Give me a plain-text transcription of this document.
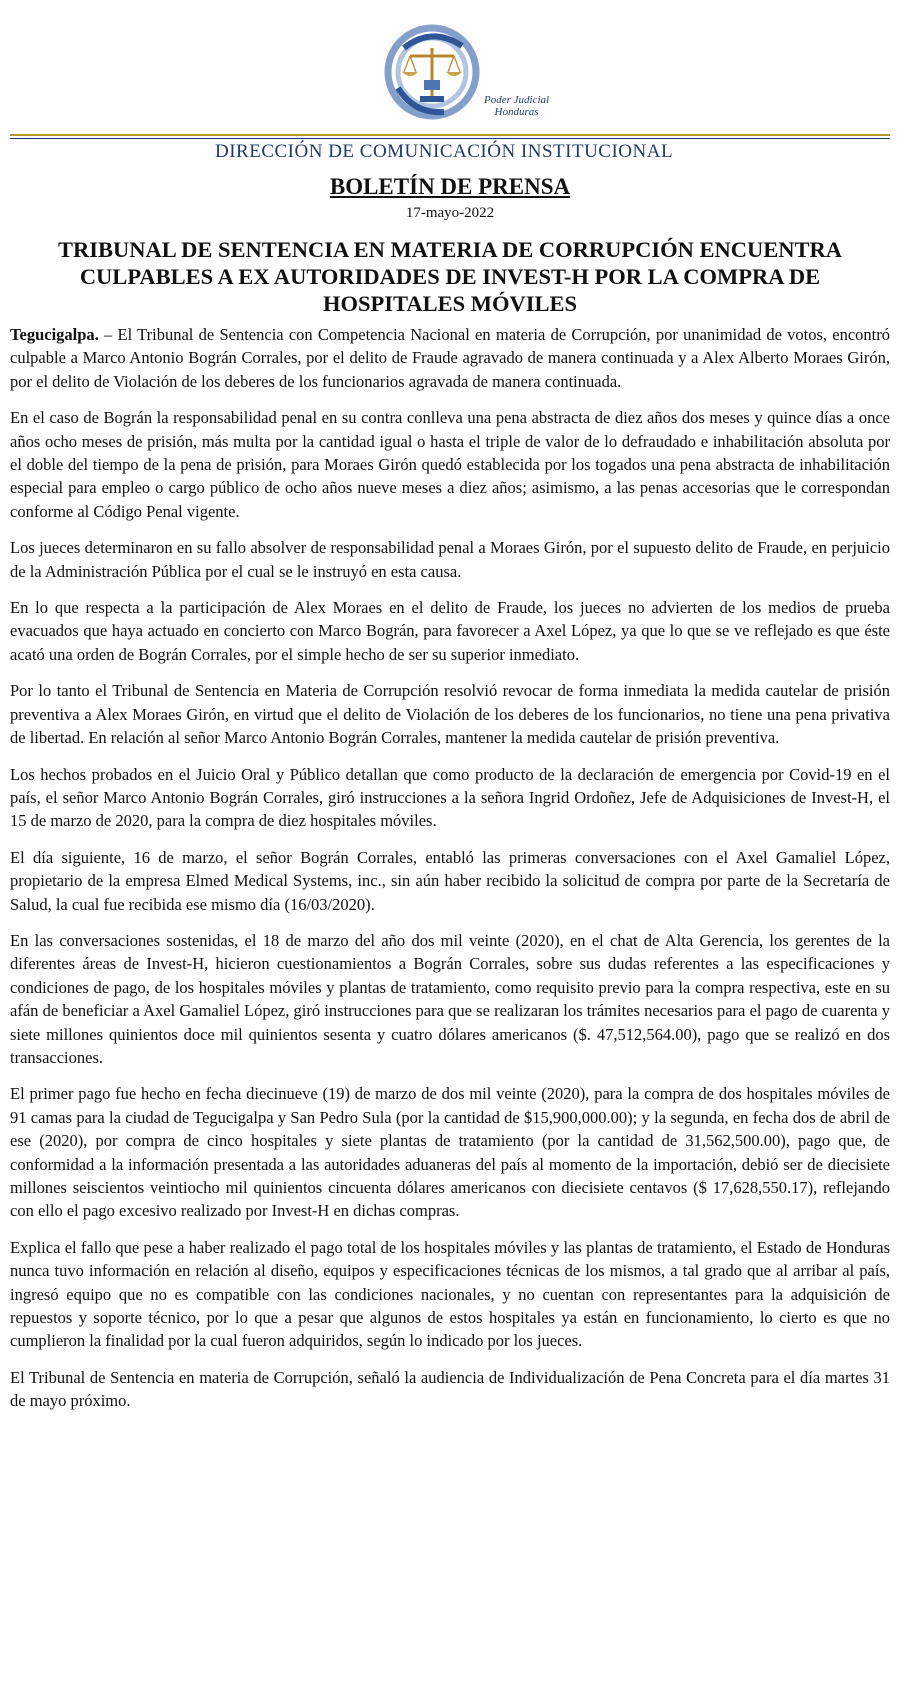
Poder Judicial
Honduras
DIRECCIÓN DE COMUNICACIÓN INSTITUCIONAL
BOLETÍN DE PRENSA
17-mayo-2022
TRIBUNAL DE SENTENCIA EN MATERIA DE CORRUPCIÓN ENCUENTRA CULPABLES A EX AUTORIDADES DE INVEST-H POR LA COMPRA DE HOSPITALES MÓVILES

Tegucigalpa. – El Tribunal de Sentencia con Competencia Nacional en materia de Corrupción, por unanimidad de votos, encontró culpable a Marco Antonio Bográn Corrales, por el delito de Fraude agravado de manera continuada y a Alex Alberto Moraes Girón, por el delito de Violación de los deberes de los funcionarios agravada de manera continuada.

En el caso de Bográn la responsabilidad penal en su contra conlleva una pena abstracta de diez años dos meses y quince días a once años ocho meses de prisión, más multa por la cantidad igual o hasta el triple de valor de lo defraudado e inhabilitación absoluta por el doble del tiempo de la pena de prisión, para Moraes Girón quedó establecida por los togados una pena abstracta de inhabilitación especial para empleo o cargo público de ocho años nueve meses a diez años; asimismo, a las penas accesorias que le correspondan conforme al Código Penal vigente.

Los jueces determinaron en su fallo absolver de responsabilidad penal a Moraes Girón, por el supuesto delito de Fraude, en perjuicio de la Administración Pública por el cual se le instruyó en esta causa.

En lo que respecta a la participación de Alex Moraes en el delito de Fraude, los jueces no advierten de los medios de prueba evacuados que haya actuado en concierto con Marco Bográn, para favorecer a Axel López, ya que lo que se ve reflejado es que éste acató una orden de Bográn Corrales, por el simple hecho de ser su superior inmediato.

Por lo tanto el Tribunal de Sentencia en Materia de Corrupción resolvió revocar de forma inmediata la medida cautelar de prisión preventiva a Alex Moraes Girón, en virtud que el delito de Violación de los deberes de los funcionarios, no tiene una pena privativa de libertad. En relación al señor Marco Antonio Bográn Corrales, mantener la medida cautelar de prisión preventiva.

Los hechos probados en el Juicio Oral y Público detallan que como producto de la declaración de emergencia por Covid-19 en el país, el señor Marco Antonio Bográn Corrales, giró instrucciones a la señora Ingrid Ordoñez, Jefe de Adquisiciones de Invest-H, el 15 de marzo de 2020, para la compra de diez hospitales móviles.

El día siguiente, 16 de marzo, el señor Bográn Corrales, entabló las primeras conversaciones con el Axel Gamaliel López, propietario de la empresa Elmed Medical Systems, inc., sin aún haber recibido la solicitud de compra por parte de la Secretaría de Salud, la cual fue recibida ese mismo día (16/03/2020).

En las conversaciones sostenidas, el 18 de marzo del año dos mil veinte (2020), en el chat de Alta Gerencia, los gerentes de la diferentes áreas de Invest-H, hicieron cuestionamientos a Bográn Corrales, sobre sus dudas referentes a las especificaciones y condiciones de pago, de los hospitales móviles y plantas de tratamiento, como requisito previo para la compra respectiva, este en su afán de beneficiar a Axel Gamaliel López, giró instrucciones para que se realizaran los trámites necesarios para el pago de cuarenta y siete millones quinientos doce mil quinientos sesenta y cuatro dólares americanos ($. 47,512,564.00), pago que se realizó en dos transacciones.

El primer pago fue hecho en fecha diecinueve (19) de marzo de dos mil veinte (2020), para la compra de dos hospitales móviles de 91 camas para la ciudad de Tegucigalpa y San Pedro Sula (por la cantidad de $15,900,000.00); y la segunda, en fecha dos de abril de ese (2020), por compra de cinco hospitales y siete plantas de tratamiento (por la cantidad de 31,562,500.00), pago que, de conformidad a la información presentada a las autoridades aduaneras del país al momento de la importación, debió ser de diecisiete millones seiscientos veintiocho mil quinientos cincuenta dólares americanos con diecisiete centavos ($ 17,628,550.17), reflejando con ello el pago excesivo realizado por Invest-H en dichas compras.

Explica el fallo que pese a haber realizado el pago total de los hospitales móviles y las plantas de tratamiento, el Estado de Honduras nunca tuvo información en relación al diseño, equipos y especificaciones técnicas de los mismos, a tal grado que al arribar al país, ingresó equipo que no es compatible con las condiciones nacionales, y no cuentan con representantes para la adquisición de repuestos y soporte técnico, por lo que a pesar que algunos de estos hospitales ya están en funcionamiento, lo cierto es que no cumplieron la finalidad por la cual fueron adquiridos, según lo indicado por los jueces.

El Tribunal de Sentencia en materia de Corrupción, señaló la audiencia de Individualización de Pena Concreta para el día martes 31 de mayo próximo.
